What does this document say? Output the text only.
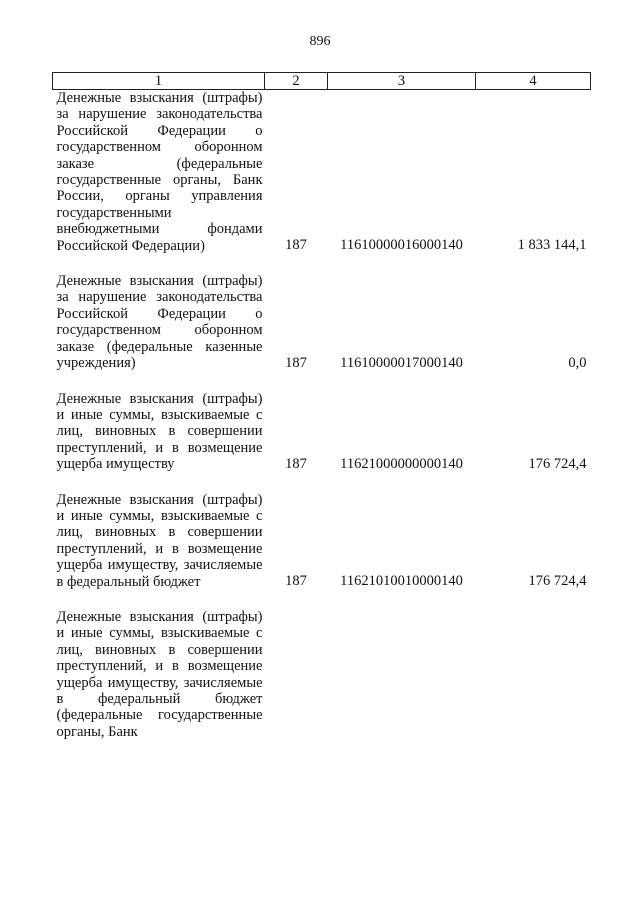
896
1	2	3	4
Денежные взыскания (штрафы) за нарушение законодательства Российской Федерации о государственном оборонном заказе (федеральные государственные органы, Банк России, органы управления государственными внебюджетными фондами Российской Федерации)	187	11610000016000140	1 833 144,1

Денежные взыскания (штрафы) за нарушение законодательства Российской Федерации о государственном оборонном заказе (федеральные казенные учреждения)	187	11610000017000140	0,0

Денежные взыскания (штрафы) и иные суммы, взыскиваемые с лиц, виновных в совершении преступлений, и в возмещение ущерба имуществу	187	11621000000000140	176 724,4

Денежные взыскания (штрафы) и иные суммы, взыскиваемые с лиц, виновных в совершении преступлений, и в возмещение ущерба имуществу, зачисляемые в федеральный бюджет	187	11621010010000140	176 724,4

Денежные взыскания (штрафы) и иные суммы, взыскиваемые с лиц, виновных в совершении преступлений, и в возмещение ущерба имуществу, зачисляемые в федеральный бюджет (федеральные государственные органы, Банк			
